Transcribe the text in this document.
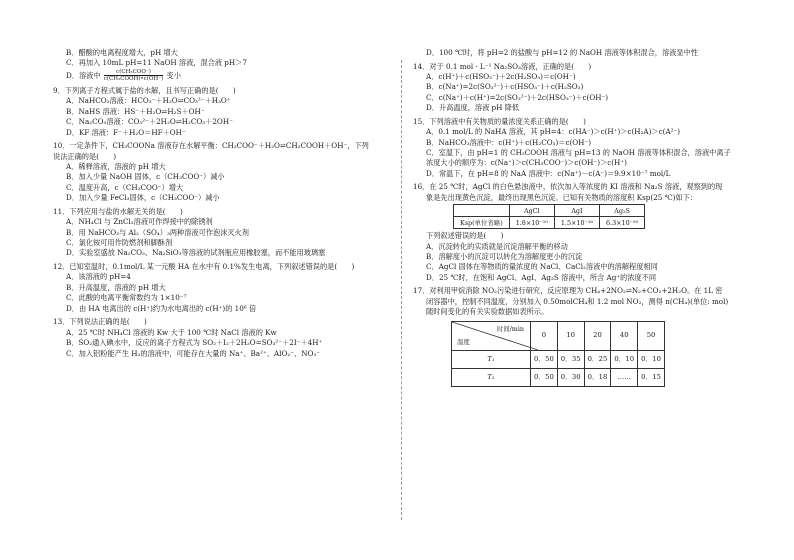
B．醋酸的电离程度增大，pH 增大
C．再加入 10mL pH=11 NaOH 溶液，混合液 pH＞7
D．溶液中 $\frac{\text{c(CH₃COO⁻)}}{\text{c(CH₃COOH)•c(OH⁻)}}$ 变小
9．下列离子方程式属于盐的水解，且书写正确的是(　　)
A．NaHCO₃溶液：HCO₃⁻＋H₂O⇌CO₃²⁻＋H₃O⁺
B．NaHS 溶液：HS⁻＋H₂O⇌H₂S＋OH⁻
C．Na₂CO₃溶液：CO₃²⁻＋2H₂O⇌H₂CO₃＋2OH⁻
D．KF 溶液：F⁻＋H₂O＝HF＋OH⁻
10．一定条件下，CH₃COONa 溶液存在水解平衡：CH₃COO⁻＋H₂O⇌CH₃COOH＋OH⁻，下列
说法正确的是(　　)
A．稀释溶液，溶液的 pH 增大
B．加入少量 NaOH 固体，c（CH₃COO⁻）减小
C．温度升高，c（CH₃COO⁻）增大
D．加入少量 FeCl₃固体，c（CH₃COO⁻）减小
11．下列应用与盐的水解无关的是(　　)
A．NH₄Cl 与 ZnCl₂溶液可作焊接中的除锈剂
B．用 NaHCO₃与 Al₂（SO₄）₃两种溶液可作泡沫灭火剂
C．氯化铵可用作防燃剂和脚酥剂
D．实验室盛放 Na₂CO₃、Na₂SiO₃等溶液的试剂瓶应用橡胶塞，而不能用玻璃塞
12．已知室温时，0.1mol/L 某一元酸 HA 在水中有 0.1%发生电离，下列叙述错误的是(　　)
A．该溶液的 pH=4
B．升高温度，溶液的 pH 增大
C．此酸的电离平衡常数约为 1×10⁻⁷
D．由 HA 电离出的 c(H⁺)约为水电离出的 c(H⁺)的 10⁶ 倍
13．下列说法正确的是(　　)
A．25 ℃时 NH₄Cl 溶液的 Kw 大于 100 ℃时 NaCl 溶液的 Kw
B．SO₂通入碘水中，反应的离子方程式为 SO₂＋I₂＋2H₂O=SO₃²⁻＋2I⁻＋4H⁺
C．加入铝粉能产生 H₂的溶液中，可能存在大量的 Na⁺、Ba²⁺、AlO₂⁻、NO₃⁻
D．100 ℃时，将 pH=2 的盐酸与 pH=12 的 NaOH 溶液等体积混合，溶液显中性
14．对于 0.1 mol · L⁻¹ Na₂SO₃溶液，正确的是(　　)
A．c(H⁺)＋c(HSO₃⁻)＋2c(H₂SO₃)＝c(OH⁻)
B．c(Na⁺)=2c(SO₃²⁻)＋c(HSO₃⁻)＋c(H₂SO₃)
C．c(Na⁺)＋c(H⁺)=2c(SO₃²⁻)＋2c(HSO₃⁻)＋c(OH⁻)
D．升高温度，溶液 pH 降低
15．下列溶液中有关物质的量浓度关系正确的是(　　)
A．0.1 mol/L 的 NaHA 溶液，其 pH=4：c(HA⁻)＞c(H⁺)＞c(H₂A)＞c(A²⁻)
B．NaHCO₃溶液中：c(H⁺)＋c(H₂CO₃)＝c(OH⁻)
C．室温下，由 pH=1 的 CH₃COOH 溶液与 pH=13 的 NaOH 溶液等体积混合，溶液中离子
浓度大小的顺序为：c(Na⁺)＞c(CH₃COO⁻)＞c(OH⁻)＞c(H⁺)
D．常温下，在 pH=8 的 NaA 溶液中：c(Na⁺)－c(A⁻)＝9.9×10⁻⁷ mol/L
16．在 25 ℃时，AgCl 的白色悬浊液中，依次加入等浓度的 KI 溶液和 Na₂S 溶液，观察到的现
象是先出现黄色沉淀，最终出现黑色沉淀。已知有关物质的溶度积 Ksp(25 ℃)如下：
	AgCl	AgI	Ag₂S
Ksp(单位省略)	1.8×10⁻¹⁰	1.5×10⁻¹⁶	6.3×10⁻⁵⁰
下列叙述错误的是(　　)
A．沉淀转化的实质就是沉淀溶解平衡的移动
B．溶解度小的沉淀可以转化为溶解度更小的沉淀
C．AgCl 固体在等物质的量浓度的 NaCl、CaCl₂溶液中的溶解程度相同
D．25 ℃时，在饱和 AgCl、AgI、Ag₂S 溶液中，所含 Ag⁺的浓度不同
17．对利用甲烷消除 NO₂污染进行研究，反应原理为 CH₄+2NO₂⇌N₂+CO₂+2H₂O。在 1L 密
闭容器中，控制不同温度，分别加入 0.50molCH₄和 1.2 mol NO₂，测得 n(CH₄)(单位: mol)
随时间变化的有关实验数据如表所示。
时间/min
温度	0	10	20	40	50
T₁	0．50	0．35	0．25	0．10	0．10
T₂	0．50	0．30	0．18	……	0．15
